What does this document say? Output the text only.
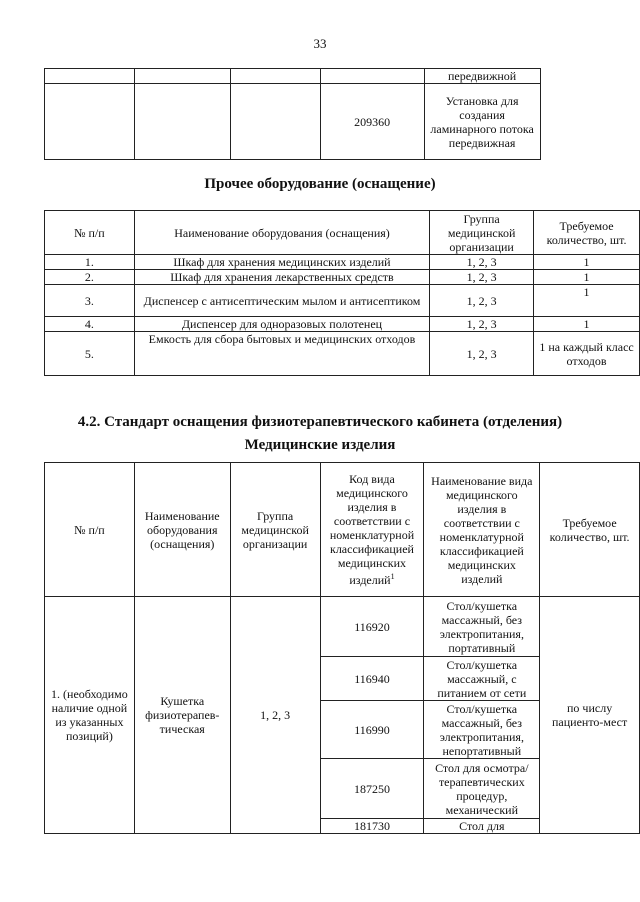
33
				передвижной	
			209360	Установка для создания ламинарного потока передвижная	
Прочее оборудование (оснащение)
№ п/п	Наименование оборудования (оснащения)	Группа медицинской организации	Требуемое количество, шт.
1.	Шкаф для хранения медицинских изделий	1, 2, 3	1
2.	Шкаф для хранения лекарственных средств	1, 2, 3	1
3.	Диспенсер с антисептическим мылом и антисептиком	1, 2, 3	1
4.	Диспенсер для одноразовых полотенец	1, 2, 3	1
5.	Емкость для сбора бытовых и медицинских отходов	1, 2, 3	1 на каждый класс отходов
4.2. Стандарт оснащения физиотерапевтического кабинета (отделения)
Медицинские изделия
№ п/п	Наименование оборудования (оснащения)	Группа медицинской организации	Код вида медицинского изделия в соответствии с номенклатурной классификацией медицинских изделий$^1$	Наименование вида медицинского изделия в соответствии с номенклатурной классификацией медицинских изделий	Требуемое количество, шт.
1. (необходимо наличие одной из указанных позиций)	Кушетка физиотерапев-тическая	1, 2, 3	116920	Стол/кушетка массажный, без электропитания, портативный	по числу пациенто-мест
			116940	Стол/кушетка массажный, с питанием от сети	
			116990	Стол/кушетка массажный, без электропитания, непортативный	
			187250	Стол для осмотра/ терапевтических процедур, механический	
			181730	Стол для	
